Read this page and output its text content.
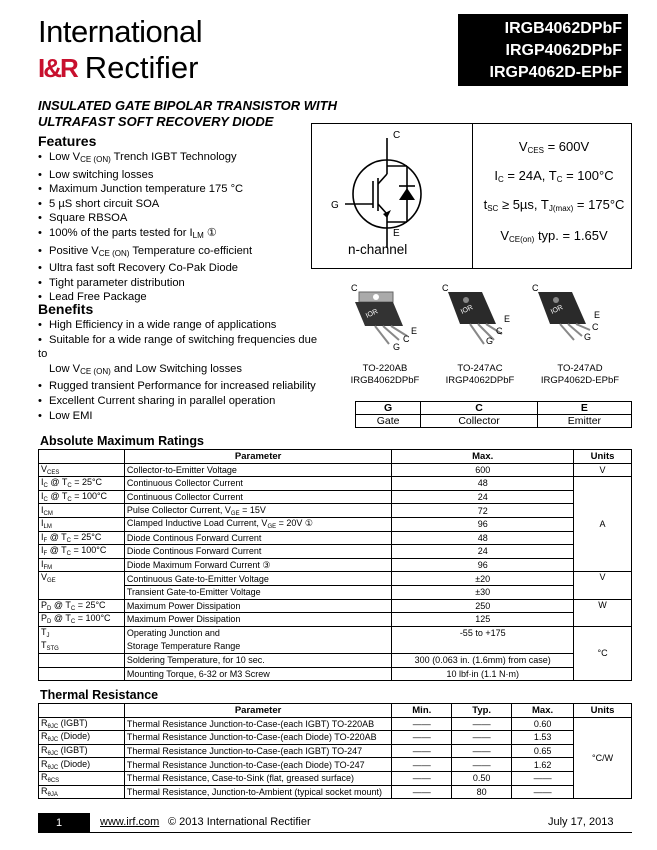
International
I&R Rectifier
IRGB4062DPbF
IRGP4062DPbF
IRGP4062D-EPbF
INSULATED GATE BIPOLAR TRANSISTOR WITH
ULTRAFAST SOFT RECOVERY DIODE
Features
• Low $V_{CE (ON)}$ Trench IGBT Technology
• Low switching losses
• Maximum Junction temperature 175 °C
• 5 µS short circuit SOA
• Square RBSOA
• 100% of the parts tested for $I_{LM}$ ①
• Positive $V_{CE (ON)}$ Temperature co-efficient
• Ultra fast soft Recovery Co-Pak Diode
• Tight parameter distribution
• Lead Free Package
Benefits
• High Efficiency in a wide range of applications
• Suitable for a wide range of switching frequencies due to
Low $V_{CE (ON)}$ and Low Switching losses
• Rugged transient Performance for increased reliability
• Excellent Current sharing in parallel operation
• Low EMI
C
G
E
n-channel
$V_{CES} = 600V$
$I_C = 24A$, $T_C = 100^\circ C$
$t_{SC} \ge 5\mu s$, $T_{J(max)} = 175^\circ C$
$V_{CE(on)}$ typ. = 1.65V
C
IOR
E
C
G
C
IOR
E
C
G
C
IOR	E
C
G
TO-220AB
IRGB4062DPbF
TO-247AC
IRGP4062DPbF
TO-247AD
IRGP4062D-EPbF
G	C	E
Gate	Collector	Emitter
Absolute Maximum Ratings
	Parameter	Max.	Units
$V_{CES}$	Collector-to-Emitter Voltage	600	V
$I_C$ @ $T_C = 25^\circ C$	Continuous Collector Current	48	A
$I_C$ @ $T_C = 100^\circ C$	Continuous Collector Current	24	
$I_{CM}$	Pulse Collector Current, $V_{GE} = 15V$	72	
$I_{LM}$	Clamped Inductive Load Current, $V_{GE} = 20V$ ①	96	
$I_F$ @ $T_C = 25^\circ C$	Diode Continous Forward Current	48	
$I_F$ @ $T_C = 100^\circ C$	Diode Continous Forward Current	24	
$I_{FM}$	Diode Maximum Forward Current ③	96	
$V_{GE}$	Continuous Gate-to-Emitter Voltage	±20	V
	Transient Gate-to-Emitter Voltage	±30	
$P_D$ @ $T_C = 25^\circ C$	Maximum Power Dissipation	250	W
$P_D$ @ $T_C = 100^\circ C$	Maximum Power Dissipation	125	
$T_J$	Operating Junction and	-55 to +175	°C
$T_{STG}$	Storage Temperature Range		
	Soldering Temperature, for 10 sec.	300 (0.063 in. (1.6mm) from case)	
	Mounting Torque, 6-32 or M3 Screw	10 lbf·in (1.1 N·m)	
Thermal Resistance
	Parameter	Min.	Typ.	Max.	Units
$R_{\theta JC}$ (IGBT)	Thermal Resistance Junction-to-Case-(each IGBT) TO-220AB	——	——	0.60	°C/W
$R_{\theta JC}$ (Diode)	Thermal Resistance Junction-to-Case-(each Diode) TO-220AB	——	——	1.53	
$R_{\theta JC}$ (IGBT)	Thermal Resistance Junction-to-Case-(each IGBT) TO-247	——	——	0.65	
$R_{\theta JC}$ (Diode)	Thermal Resistance Junction-to-Case-(each Diode) TO-247	——	——	1.62	
$R_{\theta CS}$	Thermal Resistance, Case-to-Sink (flat, greased surface)	——	0.50	——	
$R_{\theta JA}$	Thermal Resistance, Junction-to-Ambient (typical socket mount)	——	80	——	
1	www.irf.com © 2013 International Rectifier	July 17, 2013
